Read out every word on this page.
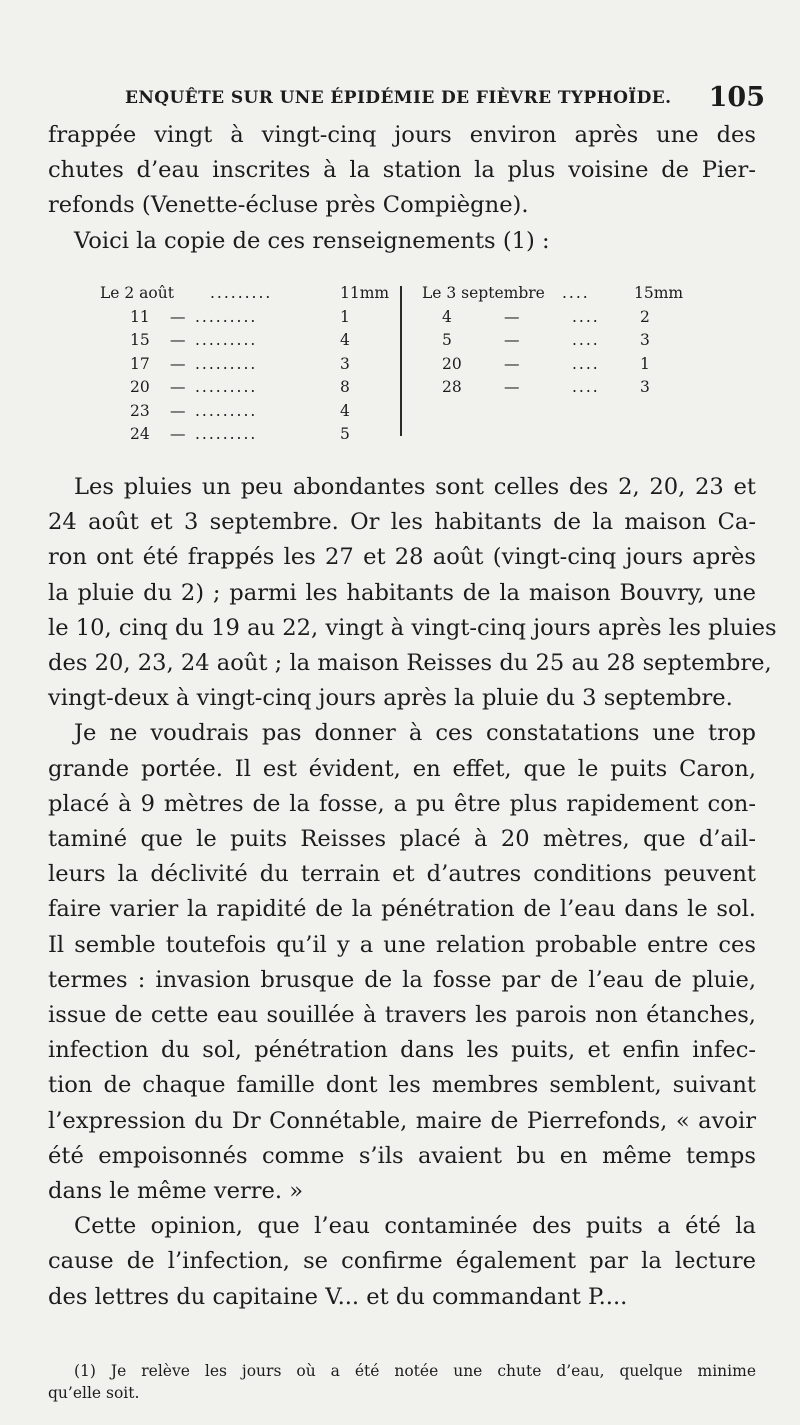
ENQUÊTE SUR UNE ÉPIDÉMIE DE FIÈVRE TYPHOÏDE. 105
frappée vingt à vingt-cinq jours environ après une des
chutes d’eau inscrites à la station la plus voisine de Pier-
refonds (Venette-écluse près Compiègne).
Voici la copie de ces renseignements (1) :
Le 2 août .........	11mm
11 — .........	1
15 — .........	4
17 — .........	3
20 — .........	8
23 — .........	4
24 — .........	5
Le 3 septembre ....	15mm
4	—	....	2
5	—	....	3
20	—	....	1
28	—	....	3
Les pluies un peu abondantes sont celles des 2, 20, 23 et
24 août et 3 septembre. Or les habitants de la maison Ca-
ron ont été frappés les 27 et 28 août (vingt-cinq jours après
la pluie du 2) ; parmi les habitants de la maison Bouvry, une
le 10, cinq du 19 au 22, vingt à vingt-cinq jours après les pluies
des 20, 23, 24 août ; la maison Reisses du 25 au 28 septembre,
vingt-deux à vingt-cinq jours après la pluie du 3 septembre.
Je ne voudrais pas donner à ces constatations une trop
grande portée. Il est évident, en effet, que le puits Caron,
placé à 9 mètres de la fosse, a pu être plus rapidement con-
taminé que le puits Reisses placé à 20 mètres, que d’ail-
leurs la déclivité du terrain et d’autres conditions peuvent
faire varier la rapidité de la pénétration de l’eau dans le sol.
Il semble toutefois qu’il y a une relation probable entre ces
termes : invasion brusque de la fosse par de l’eau de pluie,
issue de cette eau souillée à travers les parois non étanches,
infection du sol, pénétration dans les puits, et enfin infec-
tion de chaque famille dont les membres semblent, suivant
l’expression du Dr Connétable, maire de Pierrefonds, « avoir
été empoisonnés comme s’ils avaient bu en même temps
dans le même verre. »
Cette opinion, que l’eau contaminée des puits a été la
cause de l’infection, se confirme également par la lecture
des lettres du capitaine V... et du commandant P....
(1) Je relève les jours où a été notée une chute d’eau, quelque minime
qu’elle soit.
